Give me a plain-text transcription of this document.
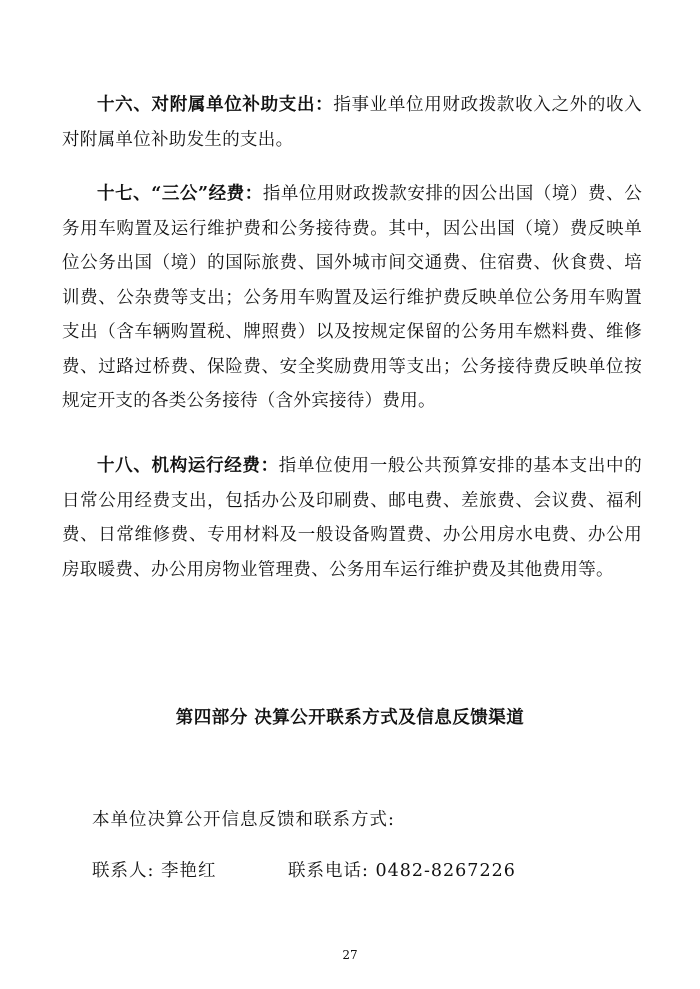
十六、对附属单位补助支出：指事业单位用财政拨款收入之外的收入对附属单位补助发生的支出。

十七、“三公”经费：指单位用财政拨款安排的因公出国（境）费、公务用车购置及运行维护费和公务接待费。其中，因公出国（境）费反映单位公务出国（境）的国际旅费、国外城市间交通费、住宿费、伙食费、培训费、公杂费等支出；公务用车购置及运行维护费反映单位公务用车购置支出（含车辆购置税、牌照费）以及按规定保留的公务用车燃料费、维修费、过路过桥费、保险费、安全奖励费用等支出；公务接待费反映单位按规定开支的各类公务接待（含外宾接待）费用。

十八、机构运行经费：指单位使用一般公共预算安排的基本支出中的日常公用经费支出，包括办公及印刷费、邮电费、差旅费、会议费、福利费、日常维修费、专用材料及一般设备购置费、办公用房水电费、办公用房取暖费、办公用房物业管理费、公务用车运行维护费及其他费用等。

第四部分 决算公开联系方式及信息反馈渠道

本单位决算公开信息反馈和联系方式:

联系人: 李艳红	联系电话: 0482-8267226

27
